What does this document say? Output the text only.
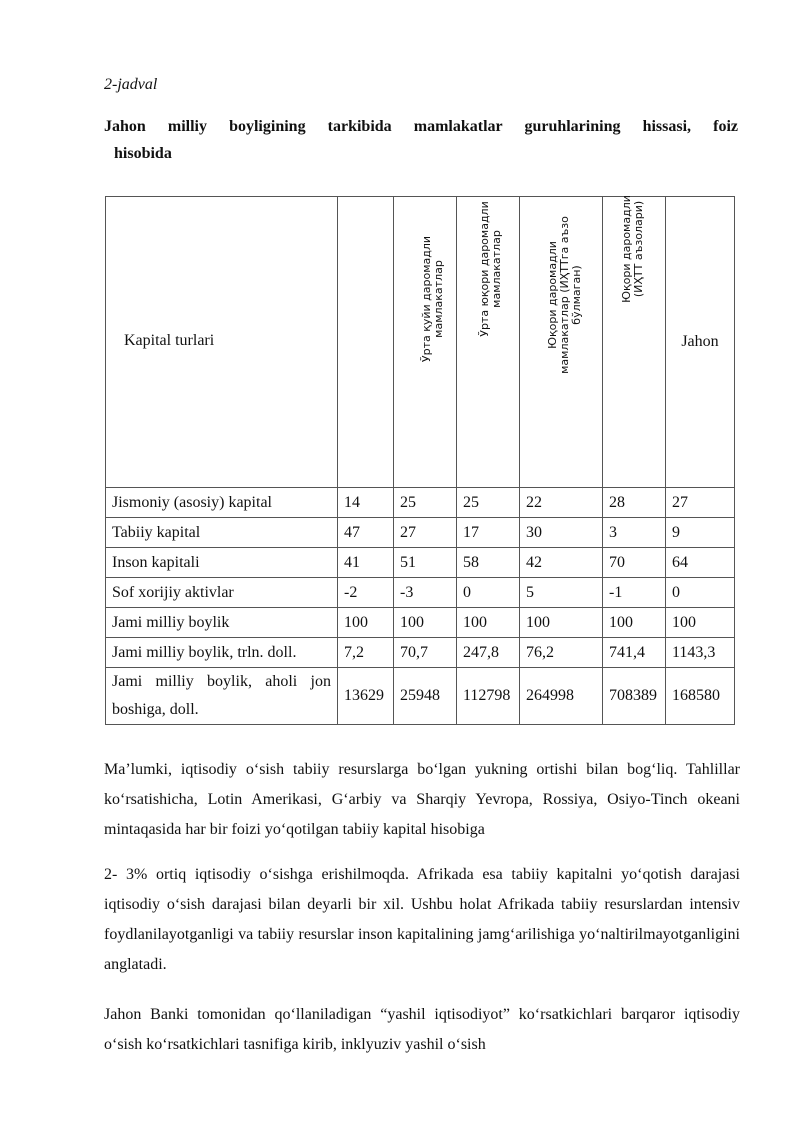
2-jadval
Jahon milliy boyligining tarkibida mamlakatlar guruhlarining hissasi, foiz
hisobida
Kapital turlari		Ўрта қуйи даромадли мамлакатлар	Ўрта юқори даромадли мамлакатлар	Юқори даромадли мамлакатлар (ИҲТТга аъзо бўлмаган)	Юқори даромадли (ИҲТТ аъзолари)	Jahon
Jismoniy (asosiy) kapital	14	25	25	22	28	27
Tabiiy kapital	47	27	17	30	3	9
Inson kapitali	41	51	58	42	70	64
Sof xorijiy aktivlar	-2	-3	0	5	-1	0
Jami milliy boylik	100	100	100	100	100	100
Jami milliy boylik, trln. doll.	7,2	70,7	247,8	76,2	741,4	1143,3
Jami milliy boylik, aholi jon boshiga, doll.	13629	25948	112798	264998	708389	168580
Ma’lumki, iqtisodiy o‘sish tabiiy resurslarga bo‘lgan yukning ortishi bilan bog‘liq. Tahlillar ko‘rsatishicha, Lotin Amerikasi, G‘arbiy va Sharqiy Yevropa, Rossiya, Osiyo-Tinch okeani mintaqasida har bir foizi yo‘qotilgan tabiiy kapital hisobiga
2- 3% ortiq iqtisodiy o‘sishga erishilmoqda. Afrikada esa tabiiy kapitalni yo‘qotish darajasi iqtisodiy o‘sish darajasi bilan deyarli bir xil. Ushbu holat Afrikada tabiiy resurslardan intensiv foydlanilayotganligi va tabiiy resurslar inson kapitalining jamg‘arilishiga yo‘naltirilmayotganligini anglatadi.
Jahon Banki tomonidan qo‘llaniladigan “yashil iqtisodiyot” ko‘rsatkichlari barqaror iqtisodiy o‘sish ko‘rsatkichlari tasnifiga kirib, inklyuziv yashil o‘sish
